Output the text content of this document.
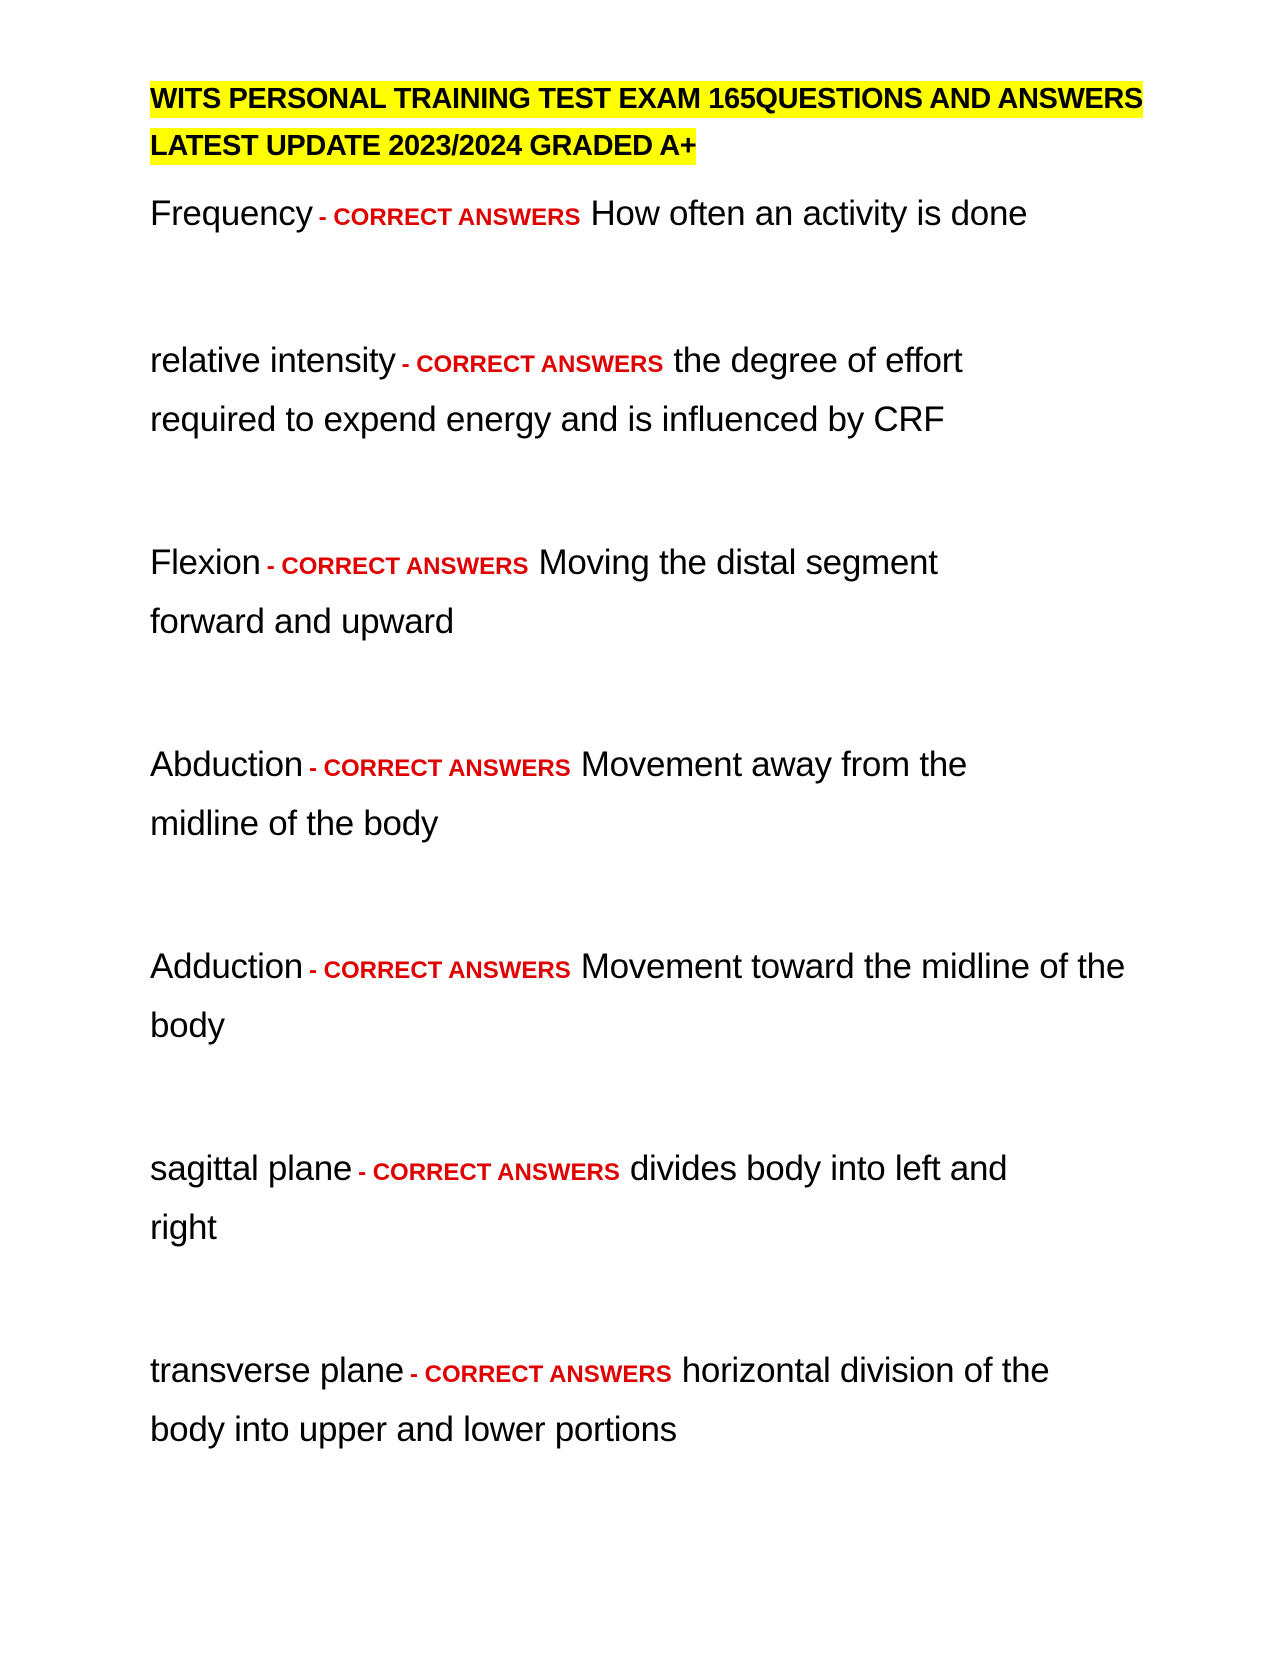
WITS PERSONAL TRAINING TEST EXAM 165QUESTIONS AND ANSWERS LATEST UPDATE 2023/2024 GRADED A+

Frequency - CORRECT ANSWERS How often an activity is done

relative intensity - CORRECT ANSWERS the degree of effort required to expend energy and is influenced by CRF

Flexion - CORRECT ANSWERS Moving the distal segment forward and upward

Abduction - CORRECT ANSWERS Movement away from the midline of the body

Adduction - CORRECT ANSWERS Movement toward the midline of the body

sagittal plane - CORRECT ANSWERS divides body into left and right

transverse plane - CORRECT ANSWERS horizontal division of the body into upper and lower portions
